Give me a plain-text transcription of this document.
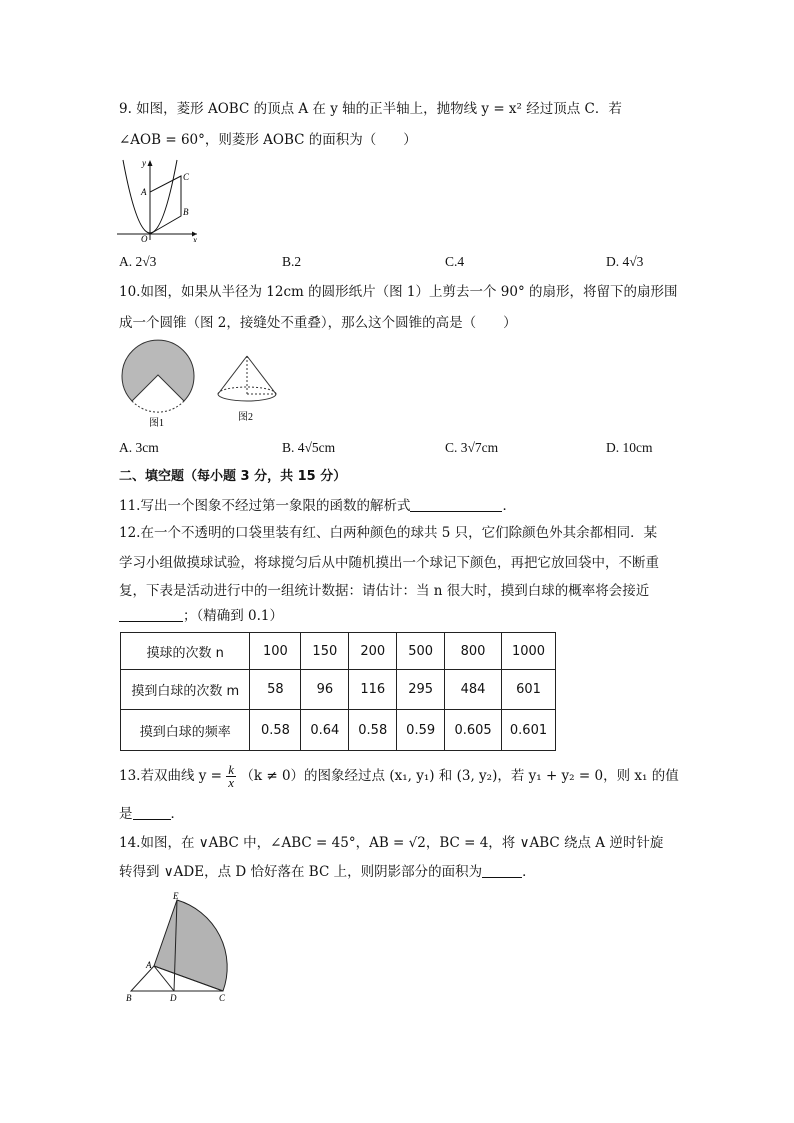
9. 如图，菱形 AOBC 的顶点 A 在 y 轴的正半轴上，抛物线 y = x² 经过顶点 C．若
∠AOB = 60°，则菱形 AOBC 的面积为（　　）
y
x
O
A
B
C
A. 2√3	B.2	C.4	D. 4√3
10.如图，如果从半径为 12cm 的圆形纸片（图 1）上剪去一个 90° 的扇形，将留下的扇形围
成一个圆锥（图 2，接缝处不重叠），那么这个圆锥的高是（　　）
图1
图2
A. 3cm	B. 4√5cm	C. 3√7cm	D. 10cm
二、填空题（每小题 3 分，共 15 分）
11.写出一个图象不经过第一象限的函数的解析式	．
12.在一个不透明的口袋里装有红、白两种颜色的球共 5 只，它们除颜色外其余都相同．某
学习小组做摸球试验，将球搅匀后从中随机摸出一个球记下颜色，再把它放回袋中，不断重
复，下表是活动进行中的一组统计数据：请估计：当 n 很大时，摸到白球的概率将会接近
；（精确到 0.1）
摸球的次数 n	100	150	200	500	800	1000
摸到白球的次数 m	58	96	116	295	484	601
摸到白球的频率	0.58	0.64	0.58	0.59	0.605	0.601
13.若双曲线 $y = \frac{k}{x} (k \ne 0)$的图象经过点 (x₁, y₁) 和 (3, y₂)，若 y₁ + y₂ = 0，则 x₁ 的值
是	．
14.如图，在 ∨ABC 中，∠ABC = 45°，AB = √2，BC = 4，将 ∨ABC 绕点 A 逆时针旋
转得到 ∨ADE，点 D 恰好落在 BC 上，则阴影部分的面积为	．
E
A
B	D	C
